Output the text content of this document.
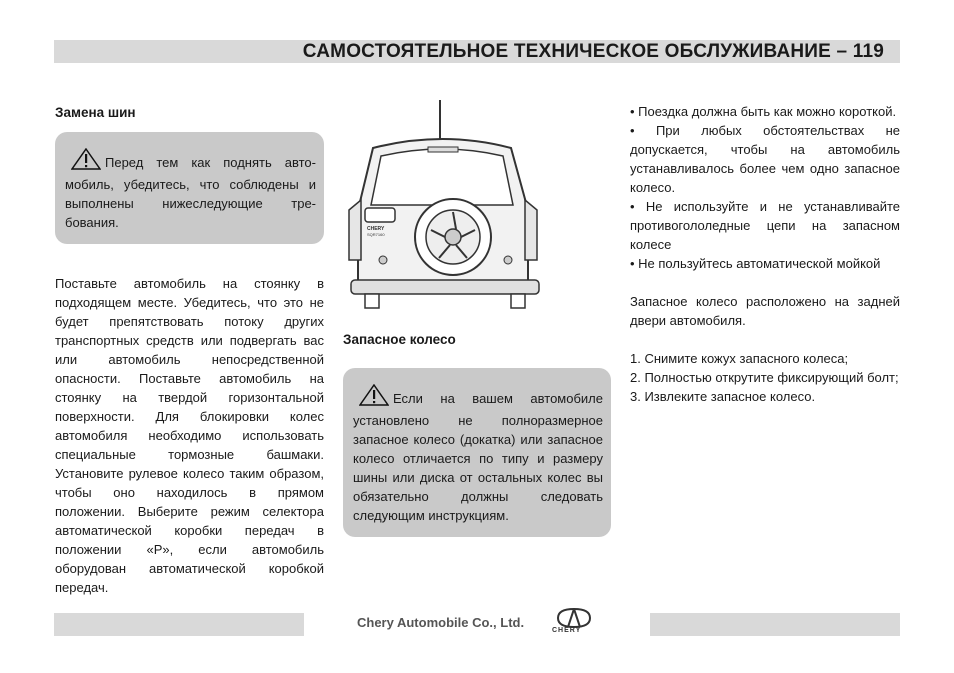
САМОСТОЯТЕЛЬНОЕ ТЕХНИЧЕСКОЕ ОБСЛУЖИВАНИЕ – 119
Замена шин
Перед тем как поднять авто-мобиль, убедитесь, что соблюдены и выполнены нижеследующие тре-бования.

Поставьте автомобиль на стоянку в подходящем месте. Убедитесь, что это не будет препятствовать потоку других транспортных средств или подвергать вас или автомобиль непосредственной опасности. Поставьте автомобиль на стоянку на твердой горизонтальной поверхности. Для блокировки колес автомобиля необходимо использовать специальные тормозные башмаки. Установите рулевое колесо таким образом, чтобы оно находилось в прямом положении. Выберите режим селектора автоматической коробки передач в положении «P», если автомобиль оборудован автоматической коробкой передач.

CHERY
SQR7160
Запасное колесо
Если на вашем автомобиле установлено не полноразмерное запасное колесо (докатка) или запасное колесо отличается по типу и размеру шины или диска от остальных колес вы обязательно должны следовать следующим инструкциям.
• Поездка должна быть как можно короткой.
• При любых обстоятельствах не допускается, чтобы на автомобиль устанавливалось более чем одно запасное колесо.
• Не используйте и не устанавливайте противогололедные цепи на запасном колесе
• Не пользуйтесь автоматической мойкой

Запасное колесо расположено на задней двери автомобиля.

1. Снимите кожух запасного колеса;
2. Полностью открутите фиксирующий болт;
3. Извлеките запасное колесо.
Chery Automobile Co., Ltd.
CHERY
